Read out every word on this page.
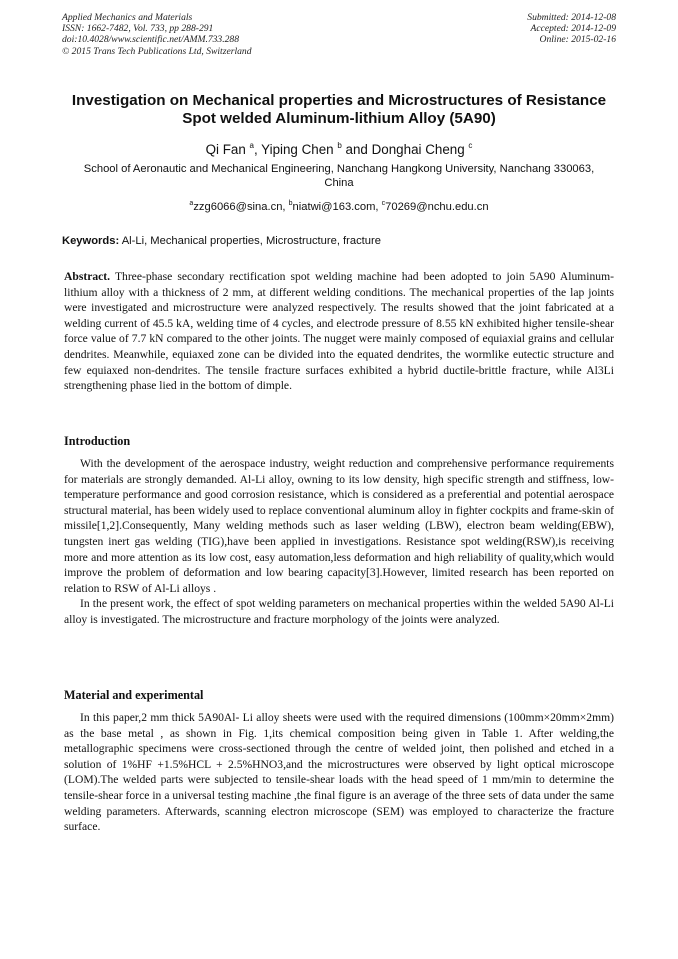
Applied Mechanics and Materials
ISSN: 1662-7482, Vol. 733, pp 288-291
doi:10.4028/www.scientific.net/AMM.733.288
© 2015 Trans Tech Publications Ltd, Switzerland
Submitted: 2014-12-08
Accepted: 2014-12-09
Online: 2015-02-16
Investigation on Mechanical properties and Microstructures of Resistance Spot welded Aluminum-lithium Alloy (5A90)
Qi Fan $^a$, Yiping Chen $^b$ and Donghai Cheng $^c$
School of Aeronautic and Mechanical Engineering, Nanchang Hangkong University, Nanchang 330063, China
$^a$zzg6066@sina.cn, $^b$niatwi@163.com, $^c$70269@nchu.edu.cn
Keywords: Al-Li, Mechanical properties, Microstructure, fracture

Abstract. Three-phase secondary rectification spot welding machine had been adopted to join 5A90 Aluminum-lithium alloy with a thickness of 2 mm, at different welding conditions. The mechanical properties of the lap joints were investigated and microstructure were analyzed respectively. The results showed that the joint fabricated at a welding current of 45.5 kA, welding time of 4 cycles, and electrode pressure of 8.55 kN exhibited higher tensile-shear force value of 7.7 kN compared to the other joints. The nugget were mainly composed of equiaxial grains and cellular dendrites. Meanwhile, equiaxed zone can be divided into the equated dendrites, the wormlike eutectic structure and few equiaxed non-dendrites. The tensile fracture surfaces exhibited a hybrid ductile-brittle fracture, while Al3Li strengthening phase lied in the bottom of dimple.

Introduction

With the development of the aerospace industry, weight reduction and comprehensive performance requirements for materials are strongly demanded. Al-Li alloy, owning to its low density, high specific strength and stiffness, low-temperature performance and good corrosion resistance, which is considered as a preferential and potential aerospace structural material, has been widely used to replace conventional aluminum alloy in fighter cockpits and frame-skin of missile[1,2].Consequently, Many welding methods such as laser welding (LBW), electron beam welding(EBW), tungsten inert gas welding (TIG),have been applied in investigations. Resistance spot welding(RSW),is receiving more and more attention as its low cost, easy automation,less deformation and high reliability of quality,which would improve the problem of deformation and low bearing capacity[3].However, limited research has been reported on relation to RSW of Al-Li alloys .

In the present work, the effect of spot welding parameters on mechanical properties within the welded 5A90 Al-Li alloy is investigated. The microstructure and fracture morphology of the joints were analyzed.

Material and experimental

In this paper,2 mm thick 5A90Al- Li alloy sheets were used with the required dimensions (100mm×20mm×2mm) as the base metal , as shown in Fig. 1,its chemical composition being given in Table 1. After welding,the metallographic specimens were cross-sectioned through the centre of welded joint, then polished and etched in a solution of 1%HF +1.5%HCL + 2.5%HNO3,and the microstructures were observed by light optical microscope (LOM).The welded parts were subjected to tensile-shear loads with the head speed of 1 mm/min to determine the tensile-shear force in a universal testing machine ,the final figure is an average of the three sets of data under the same welding parameters. Afterwards, scanning electron microscope (SEM) was employed to characterize the fracture surface.
